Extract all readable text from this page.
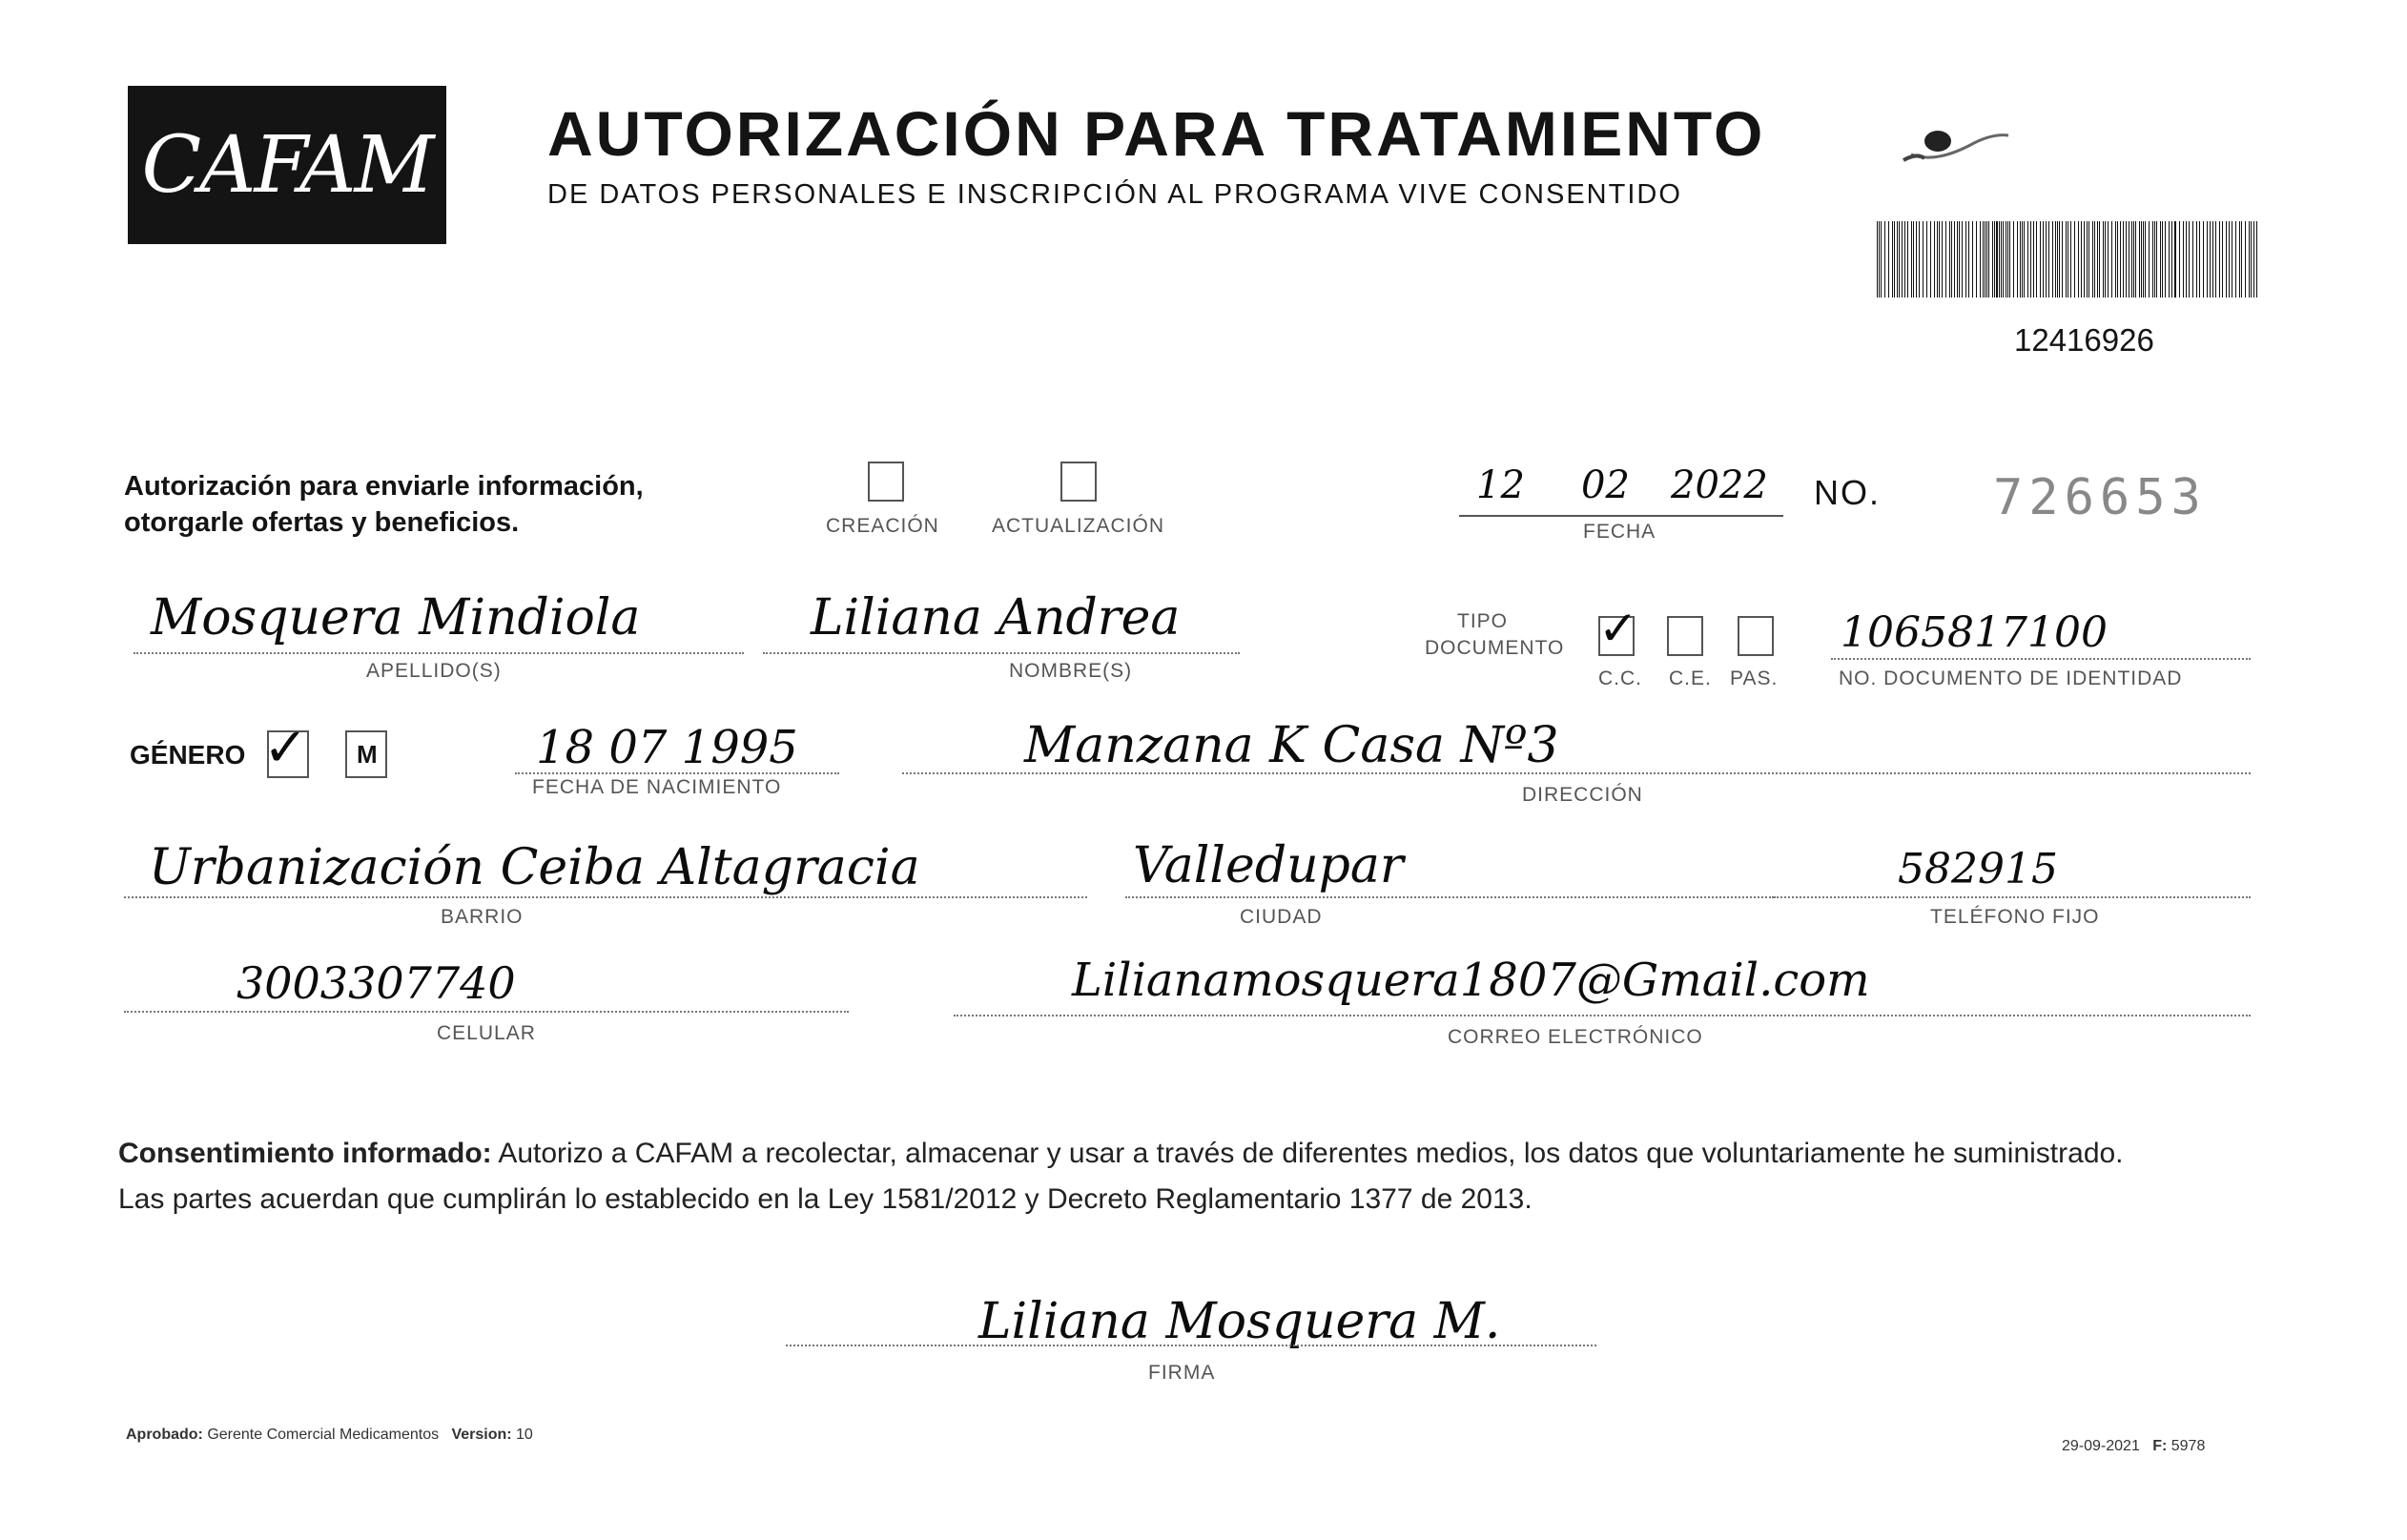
CAFAM AUTORIZACIÓN PARA TRATAMIENTO
DE DATOS PERSONALES E INSCRIPCIÓN AL PROGRAMA VIVE CONSENTIDO
12416926
Autorización para enviarle información,
otorgarle ofertas y beneficios.	CREACIÓN	ACTUALIZACIÓN
12 02 2022
FECHA
NO. 726653
Mosquera Mindiola
APELLIDO(S)
Liliana Andrea
NOMBRE(S)
TIPO
DOCUMENTO ✓
C.C. C.E. PAS.
1065817100
NO. DOCUMENTO DE IDENTIDAD
GÉNERO ✓ M	18 07 1995
FECHA DE NACIMIENTO
Manzana K Casa Nº3
DIRECCIÓN
Urbanización Ceiba Altagracia
BARRIO
Valledupar
CIUDAD
582915
TELÉFONO FIJO
3003307740
CELULAR
Lilianamosquera1807@Gmail.com
CORREO ELECTRÓNICO
Consentimiento informado: Autorizo a CAFAM a recolectar, almacenar y usar a través de diferentes medios, los datos que voluntariamente he suministrado.
Las partes acuerdan que cumplirán lo establecido en la Ley 1581/2012 y Decreto Reglamentario 1377 de 2013.
Liliana Mosquera M.
FIRMA
Aprobado: Gerente Comercial Medicamentos Version: 10
29-09-2021 F: 5978
